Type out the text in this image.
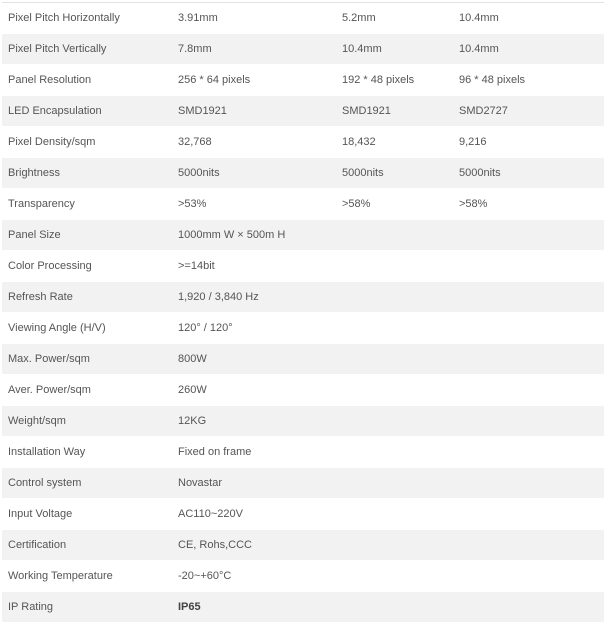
Pixel Pitch Horizontally	3.91mm	5.2mm	10.4mm
Pixel Pitch Vertically	7.8mm	10.4mm	10.4mm
Panel Resolution	256 * 64 pixels	192 * 48 pixels	96 * 48 pixels
LED Encapsulation	SMD1921	SMD1921	SMD2727
Pixel Density/sqm	32,768	18,432	9,216
Brightness	5000nits	5000nits	5000nits
Transparency	>53%	>58%	>58%
Panel Size	1000mm W × 500m H		
Color Processing	>=14bit		
Refresh Rate	1,920 / 3,840 Hz		
Viewing Angle (H/V)	120° / 120°		
Max. Power/sqm	800W		
Aver. Power/sqm	260W		
Weight/sqm	12KG		
Installation Way	Fixed on frame		
Control system	Novastar		
Input Voltage	AC110~220V		
Certification	CE, Rohs,CCC		
Working Temperature	-20~+60°C		
IP Rating	IP65		
